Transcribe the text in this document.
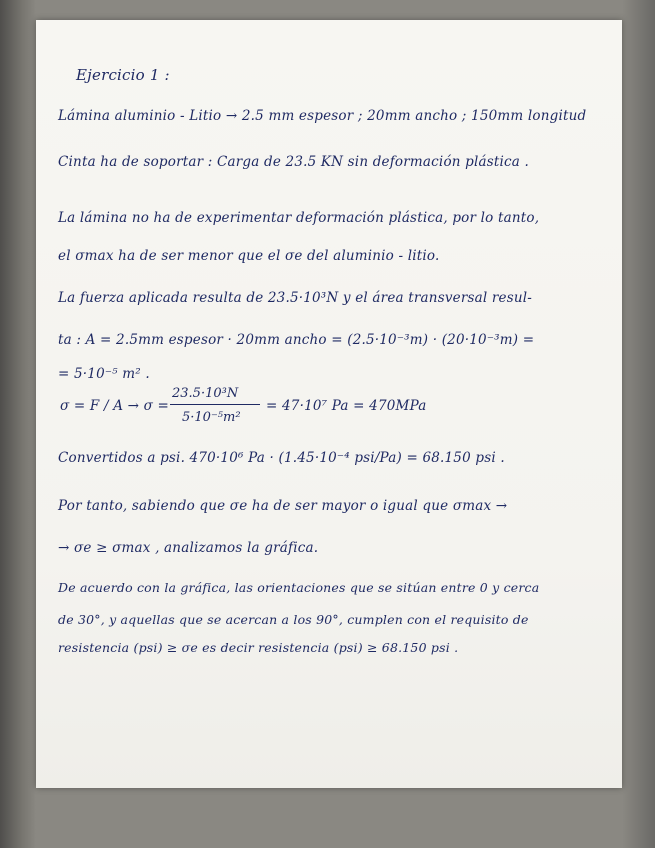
Ejercicio 1 :
Lámina aluminio - Litio → 2.5 mm espesor ; 20mm ancho ; 150mm longitud
Cinta ha de soportar : Carga de 23.5 KN sin deformación plástica .
La lámina no ha de experimentar deformación plástica, por lo tanto,
el σmax ha de ser menor que el σe del aluminio - litio.
La fuerza aplicada resulta de 23.5·10³N y el área transversal resul-
ta : A = 2.5mm espesor · 20mm ancho = (2.5·10⁻³m) · (20·10⁻³m) =
= 5·10⁻⁵ m² .
σ = F / A → σ =
23.5·10³N
5·10⁻⁵m²
= 47·10⁷ Pa = 470MPa
Convertidos a psi. 470·10⁶ Pa · (1.45·10⁻⁴ psi/Pa) = 68.150 psi .
Por tanto, sabiendo que σe ha de ser mayor o igual que σmax →
→ σe ≥ σmax , analizamos la gráfica.
De acuerdo con la gráfica, las orientaciones que se sitúan entre 0 y cerca
de 30°, y aquellas que se acercan a los 90°, cumplen con el requisito de
resistencia (psi) ≥ σe es decir resistencia (psi) ≥ 68.150 psi .
